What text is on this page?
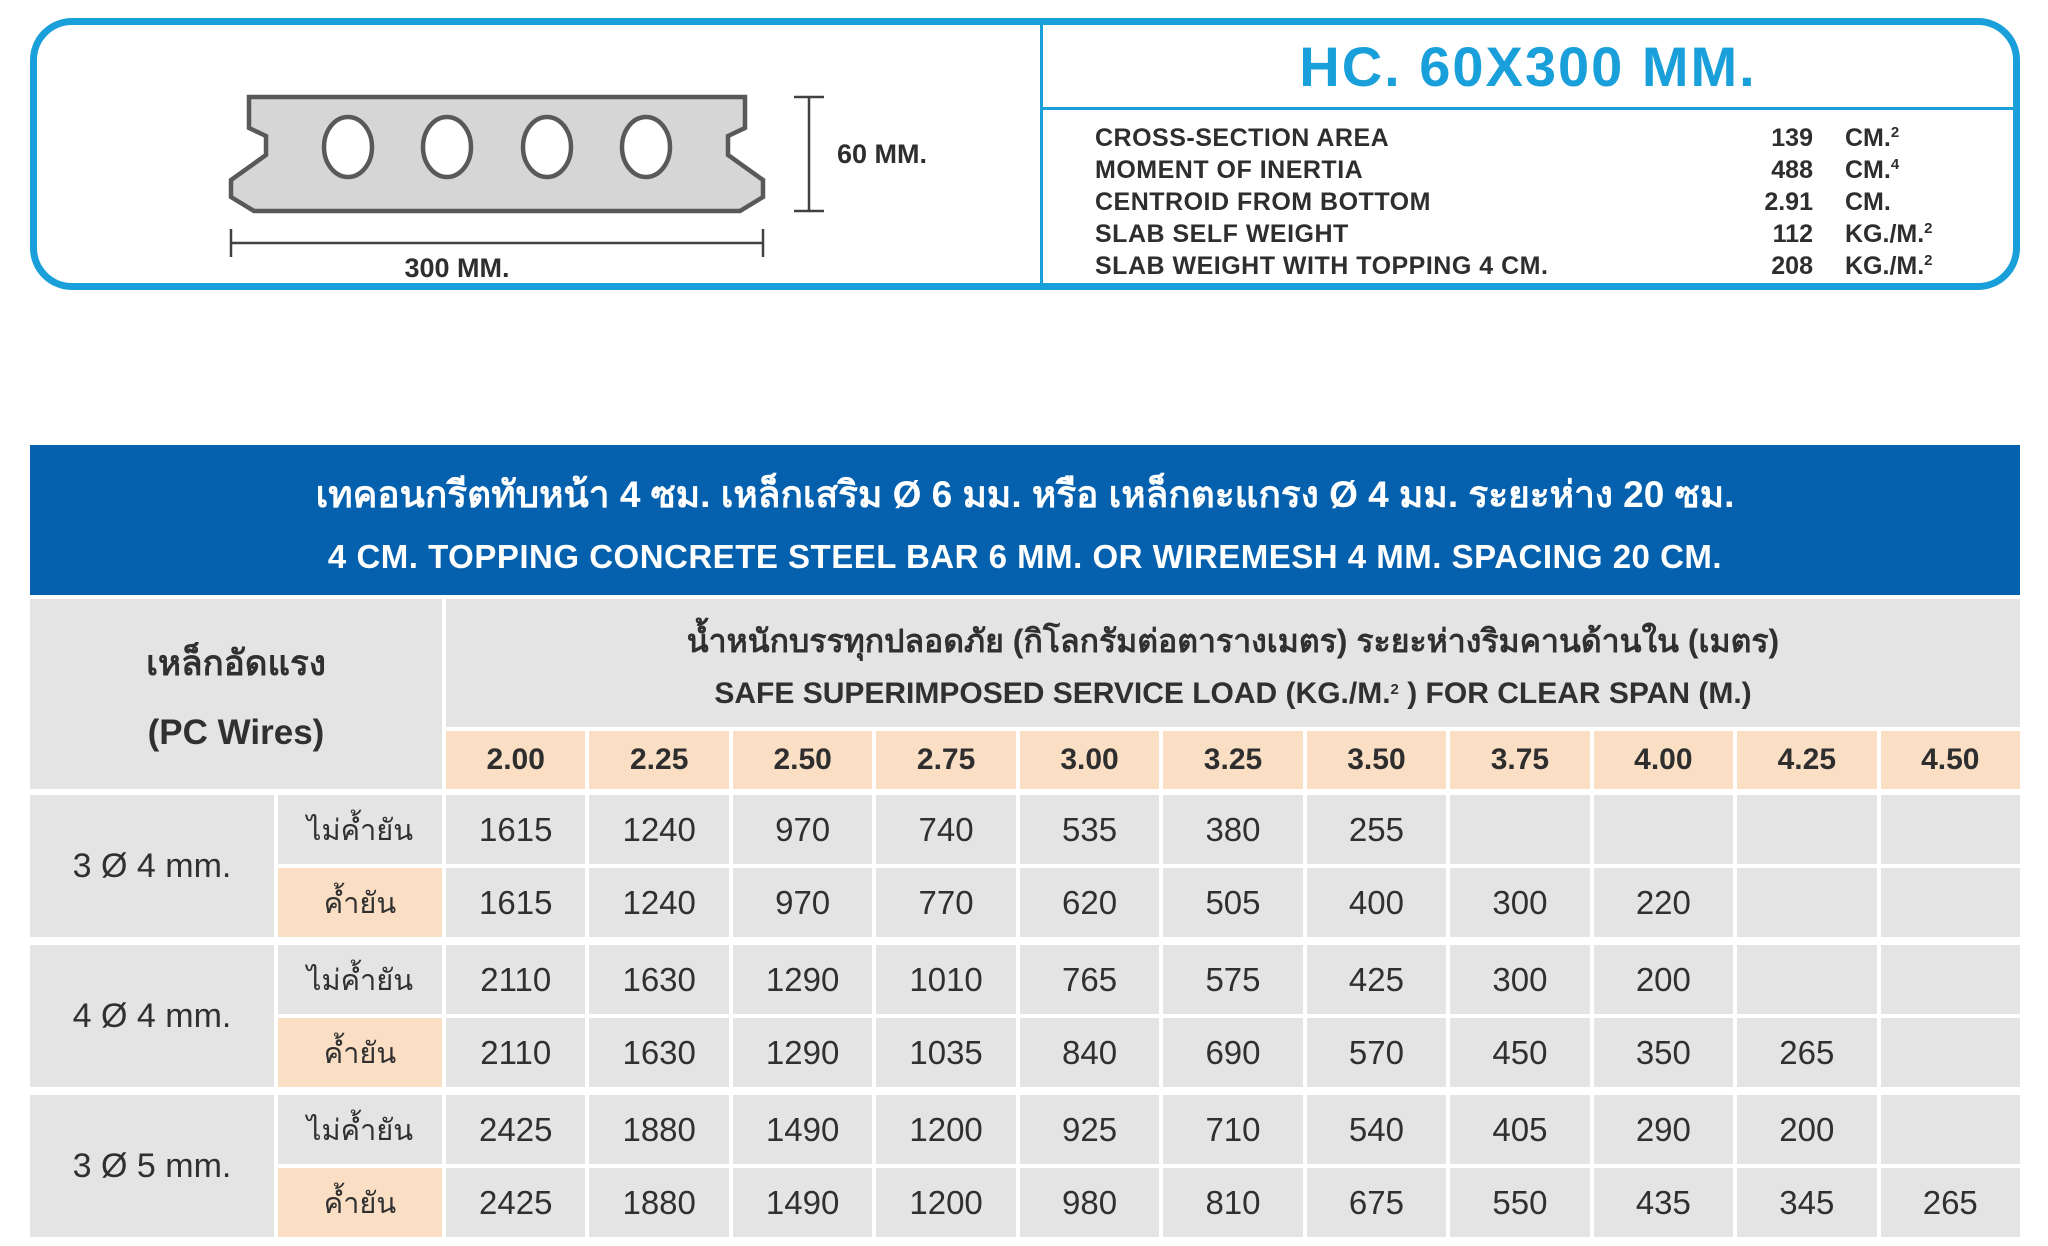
60 MM.
300 MM.
HC. 60X300 MM.
CROSS-SECTION AREA	139	CM.$^2$
MOMENT OF INERTIA	488	CM.$^4$
CENTROID FROM BOTTOM	2.91	CM.
SLAB SELF WEIGHT	112	KG./M.$^2$
SLAB WEIGHT WITH TOPPING 4 CM.	208	KG./M.$^2$
เทคอนกรีตทับหน้า 4 ซม. เหล็กเสริม Ø 6 มม. หรือ เหล็กตะแกรง Ø 4 มม. ระยะห่าง 20 ซม.
4 CM. TOPPING CONCRETE STEEL BAR 6 MM. OR WIREMESH 4 MM. SPACING 20 CM.
เหล็กอัดแรง
(PC Wires)
น้ำหนักบรรทุกปลอดภัย (กิโลกรัมต่อตารางเมตร) ระยะห่างริมคานด้านใน (เมตร)
SAFE SUPERIMPOSED SERVICE LOAD (KG./M.$^2$ ) FOR CLEAR SPAN (M.)
2.00	2.25	2.50	2.75	3.00	3.25	3.50	3.75	4.00	4.25	4.50
3 Ø 4 mm.
ไม่ค้ำยัน	1615	1240	970	740	535	380	255
ค้ำยัน	1615	1240	970	770	620	505	400	300	220
4 Ø 4 mm.
ไม่ค้ำยัน	2110	1630	1290	1010	765	575	425	300	200
ค้ำยัน	2110	1630	1290	1035	840	690	570	450	350	265
3 Ø 5 mm.
ไม่ค้ำยัน	2425	1880	1490	1200	925	710	540	405	290	200
ค้ำยัน	2425	1880	1490	1200	980	810	675	550	435	345	265
